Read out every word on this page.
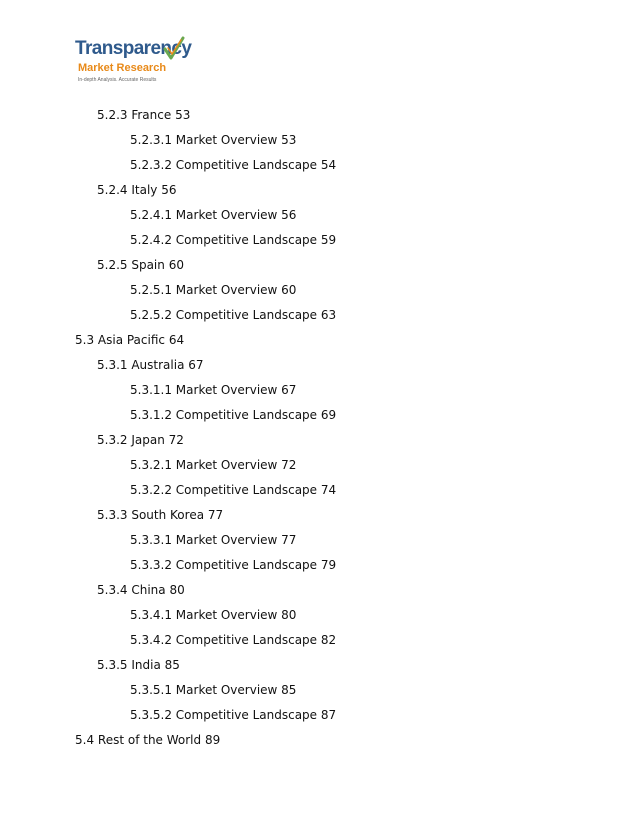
Transparency
Market Research
In-depth Analysis. Accurate Results
5.2.3 France 53
5.2.3.1 Market Overview 53
5.2.3.2 Competitive Landscape 54
5.2.4 Italy 56
5.2.4.1 Market Overview 56
5.2.4.2 Competitive Landscape 59
5.2.5 Spain 60
5.2.5.1 Market Overview 60
5.2.5.2 Competitive Landscape 63
5.3 Asia Pacific 64
5.3.1 Australia 67
5.3.1.1 Market Overview 67
5.3.1.2 Competitive Landscape 69
5.3.2 Japan 72
5.3.2.1 Market Overview 72
5.3.2.2 Competitive Landscape 74
5.3.3 South Korea 77
5.3.3.1 Market Overview 77
5.3.3.2 Competitive Landscape 79
5.3.4 China 80
5.3.4.1 Market Overview 80
5.3.4.2 Competitive Landscape 82
5.3.5 India 85
5.3.5.1 Market Overview 85
5.3.5.2 Competitive Landscape 87
5.4 Rest of the World 89
